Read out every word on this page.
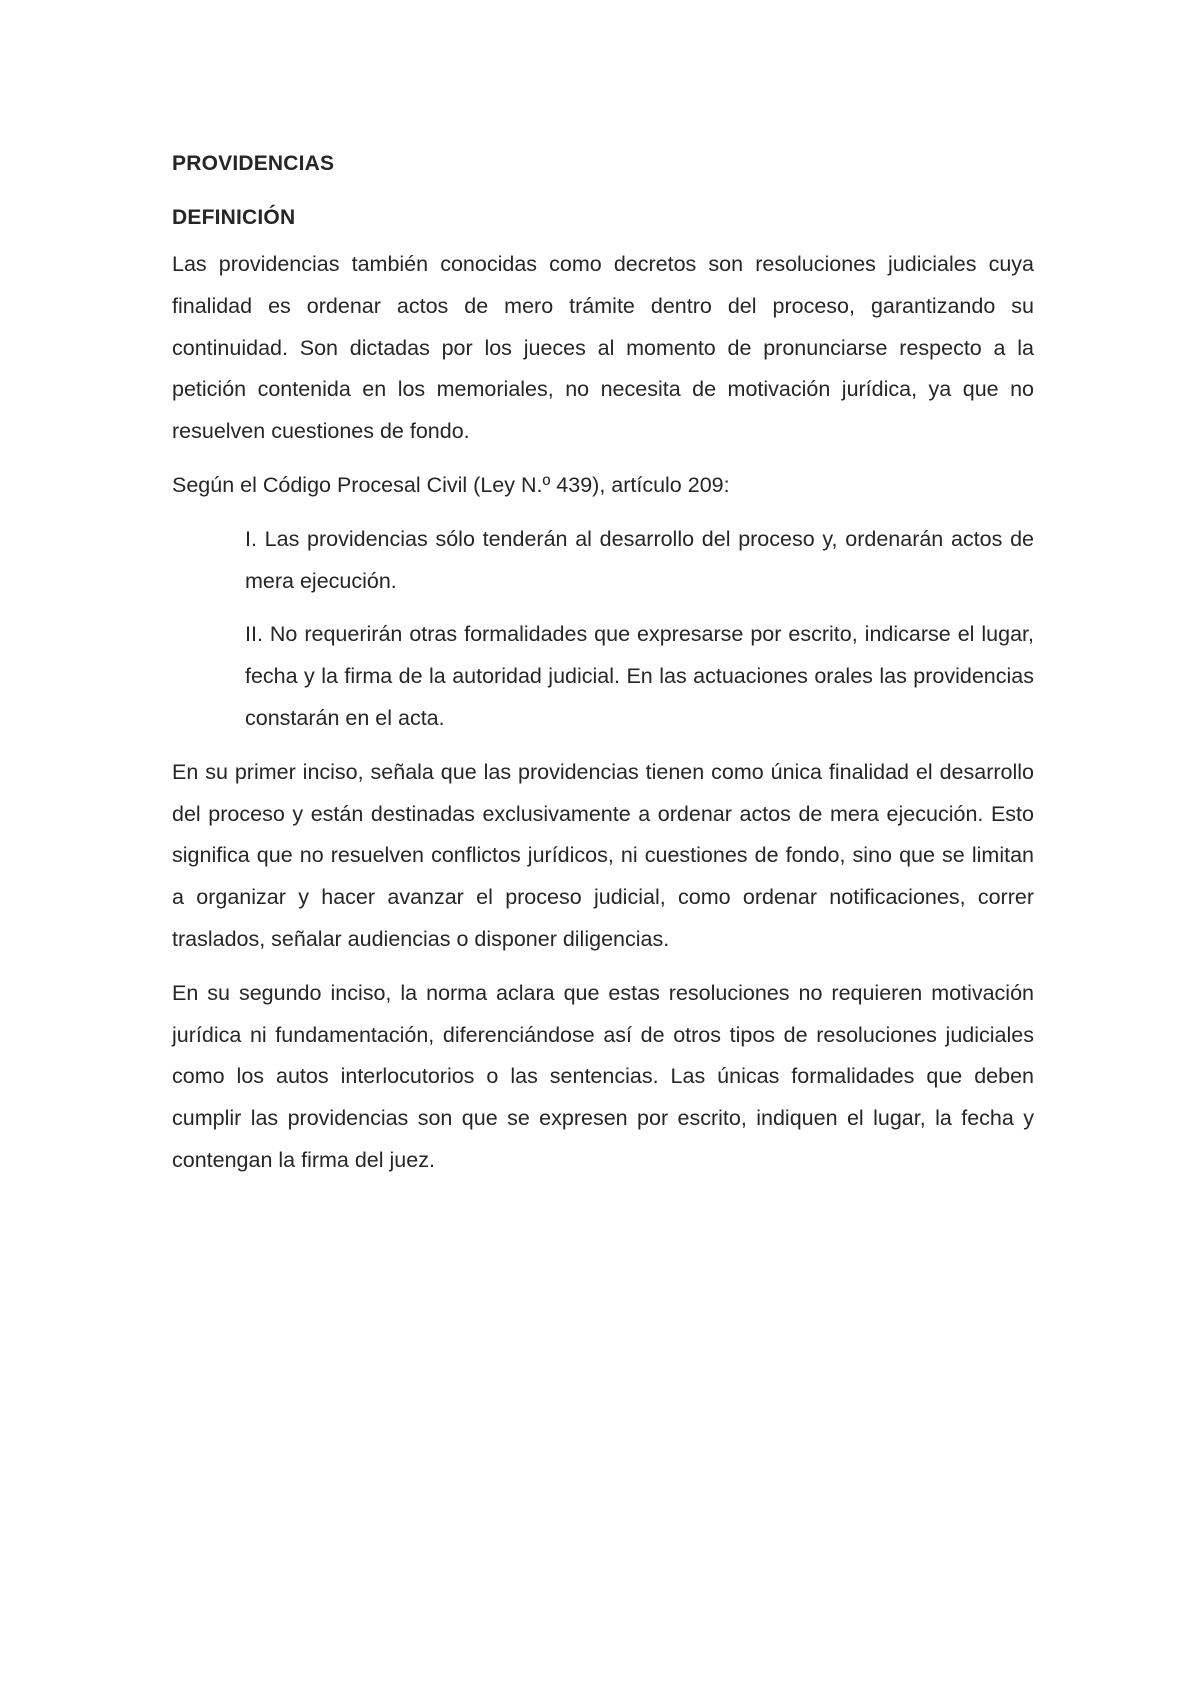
PROVIDENCIAS
DEFINICIÓN

Las providencias también conocidas como decretos son resoluciones judiciales cuya finalidad es ordenar actos de mero trámite dentro del proceso, garantizando su continuidad. Son dictadas por los jueces al momento de pronunciarse respecto a la petición contenida en los memoriales, no necesita de motivación jurídica, ya que no resuelven cuestiones de fondo.

Según el Código Procesal Civil (Ley N.º 439), artículo 209:

I. Las providencias sólo tenderán al desarrollo del proceso y, ordenarán actos de mera ejecución.

II. No requerirán otras formalidades que expresarse por escrito, indicarse el lugar, fecha y la firma de la autoridad judicial. En las actuaciones orales las providencias constarán en el acta.

En su primer inciso, señala que las providencias tienen como única finalidad el desarrollo del proceso y están destinadas exclusivamente a ordenar actos de mera ejecución. Esto significa que no resuelven conflictos jurídicos, ni cuestiones de fondo, sino que se limitan a organizar y hacer avanzar el proceso judicial, como ordenar notificaciones, correr traslados, señalar audiencias o disponer diligencias.

En su segundo inciso, la norma aclara que estas resoluciones no requieren motivación jurídica ni fundamentación, diferenciándose así de otros tipos de resoluciones judiciales como los autos interlocutorios o las sentencias. Las únicas formalidades que deben cumplir las providencias son que se expresen por escrito, indiquen el lugar, la fecha y contengan la firma del juez.
